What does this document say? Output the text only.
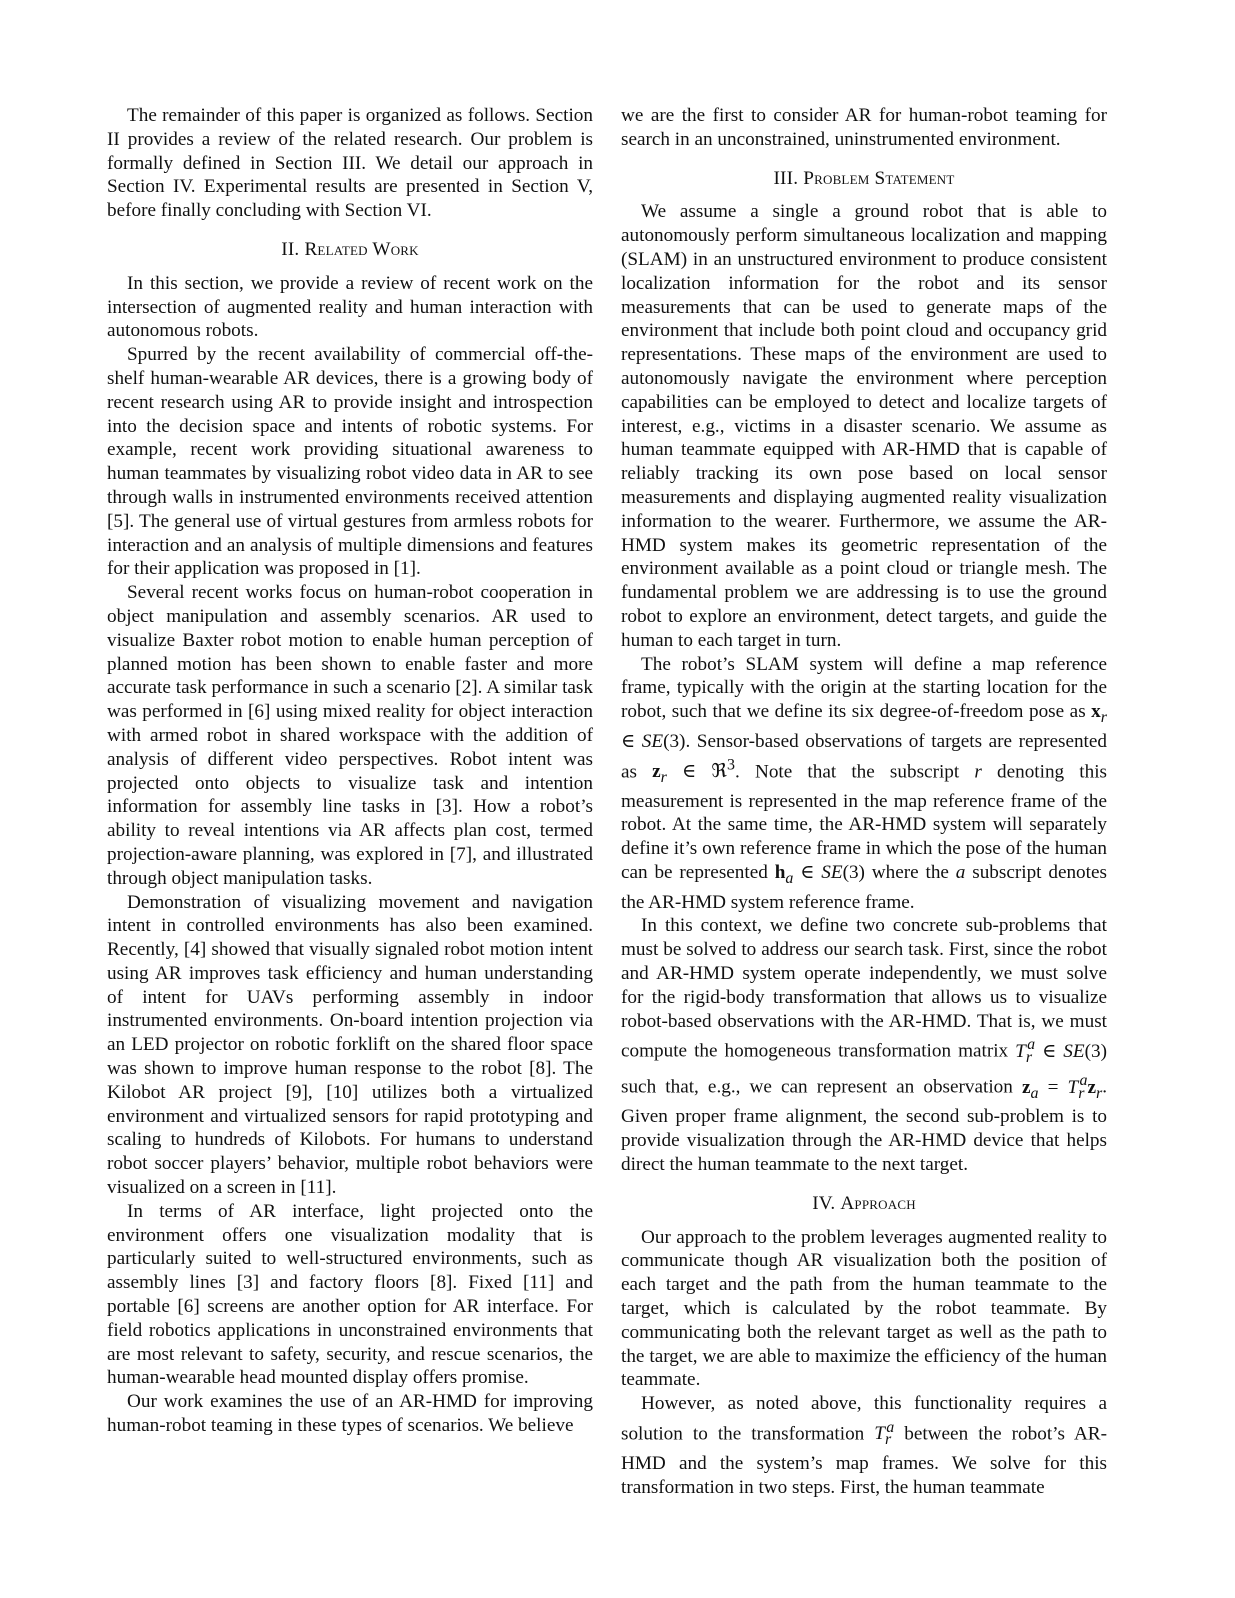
The remainder of this paper is organized as follows. Section II provides a review of the related research. Our problem is formally defined in Section III. We detail our approach in Section IV. Experimental results are presented in Section V, before finally concluding with Section VI.

II. Related Work

In this section, we provide a review of recent work on the intersection of augmented reality and human interaction with autonomous robots.

Spurred by the recent availability of commercial off-the-shelf human-wearable AR devices, there is a growing body of recent research using AR to provide insight and introspection into the decision space and intents of robotic systems. For example, recent work providing situational awareness to human teammates by visualizing robot video data in AR to see through walls in instrumented environments received attention [5]. The general use of virtual gestures from armless robots for interaction and an analysis of multiple dimensions and features for their application was proposed in [1].

Several recent works focus on human-robot cooperation in object manipulation and assembly scenarios. AR used to visualize Baxter robot motion to enable human perception of planned motion has been shown to enable faster and more accurate task performance in such a scenario [2]. A similar task was performed in [6] using mixed reality for object interaction with armed robot in shared workspace with the addition of analysis of different video perspectives. Robot intent was projected onto objects to visualize task and intention information for assembly line tasks in [3]. How a robot’s ability to reveal intentions via AR affects plan cost, termed projection-aware planning, was explored in [7], and illustrated through object manipulation tasks.

Demonstration of visualizing movement and navigation intent in controlled environments has also been examined. Recently, [4] showed that visually signaled robot motion intent using AR improves task efficiency and human understanding of intent for UAVs performing assembly in indoor instrumented environments. On-board intention projection via an LED projector on robotic forklift on the shared floor space was shown to improve human response to the robot [8]. The Kilobot AR project [9], [10] utilizes both a virtualized environment and virtualized sensors for rapid prototyping and scaling to hundreds of Kilobots. For humans to understand robot soccer players’ behavior, multiple robot behaviors were visualized on a screen in [11].

In terms of AR interface, light projected onto the environment offers one visualization modality that is particularly suited to well-structured environments, such as assembly lines [3] and factory floors [8]. Fixed [11] and portable [6] screens are another option for AR interface. For field robotics applications in unconstrained environments that are most relevant to safety, security, and rescue scenarios, the human-wearable head mounted display offers promise.

Our work examines the use of an AR-HMD for improving human-robot teaming in these types of scenarios. We believe

we are the first to consider AR for human-robot teaming for search in an unconstrained, uninstrumented environment.

III. Problem Statement

We assume a single a ground robot that is able to autonomously perform simultaneous localization and mapping (SLAM) in an unstructured environment to produce consistent localization information for the robot and its sensor measurements that can be used to generate maps of the environment that include both point cloud and occupancy grid representations. These maps of the environment are used to autonomously navigate the environment where perception capabilities can be employed to detect and localize targets of interest, e.g., victims in a disaster scenario. We assume as human teammate equipped with AR-HMD that is capable of reliably tracking its own pose based on local sensor measurements and displaying augmented reality visualization information to the wearer. Furthermore, we assume the AR-HMD system makes its geometric representation of the environment available as a point cloud or triangle mesh. The fundamental problem we are addressing is to use the ground robot to explore an environment, detect targets, and guide the human to each target in turn.

The robot’s SLAM system will define a map reference frame, typically with the origin at the starting location for the robot, such that we define its six degree-of-freedom pose as $x_r$ ∈ SE(3). Sensor-based observations of targets are represented as $z_r$ ∈ ℜ$^3$. Note that the subscript r denoting this measurement is represented in the map reference frame of the robot. At the same time, the AR-HMD system will separately define it’s own reference frame in which the pose of the human can be represented $h_a$ ∈ SE(3) where the a subscript denotes the AR-HMD system reference frame.

In this context, we define two concrete sub-problems that must be solved to address our search task. First, since the robot and AR-HMD system operate independently, we must solve for the rigid-body transformation that allows us to visualize robot-based observations with the AR-HMD. That is, we must compute the homogeneous transformation matrix $T_r^a$ ∈ SE(3) such that, e.g., we can represent an observation $z_a = T_r^az_r$. Given proper frame alignment, the second sub-problem is to provide visualization through the AR-HMD device that helps direct the human teammate to the next target.

IV. Approach

Our approach to the problem leverages augmented reality to communicate though AR visualization both the position of each target and the path from the human teammate to the target, which is calculated by the robot teammate. By communicating both the relevant target as well as the path to the target, we are able to maximize the efficiency of the human teammate.

However, as noted above, this functionality requires a solution to the transformation $T_r^a$ between the robot’s AR-HMD and the system’s map frames. We solve for this transformation in two steps. First, the human teammate
